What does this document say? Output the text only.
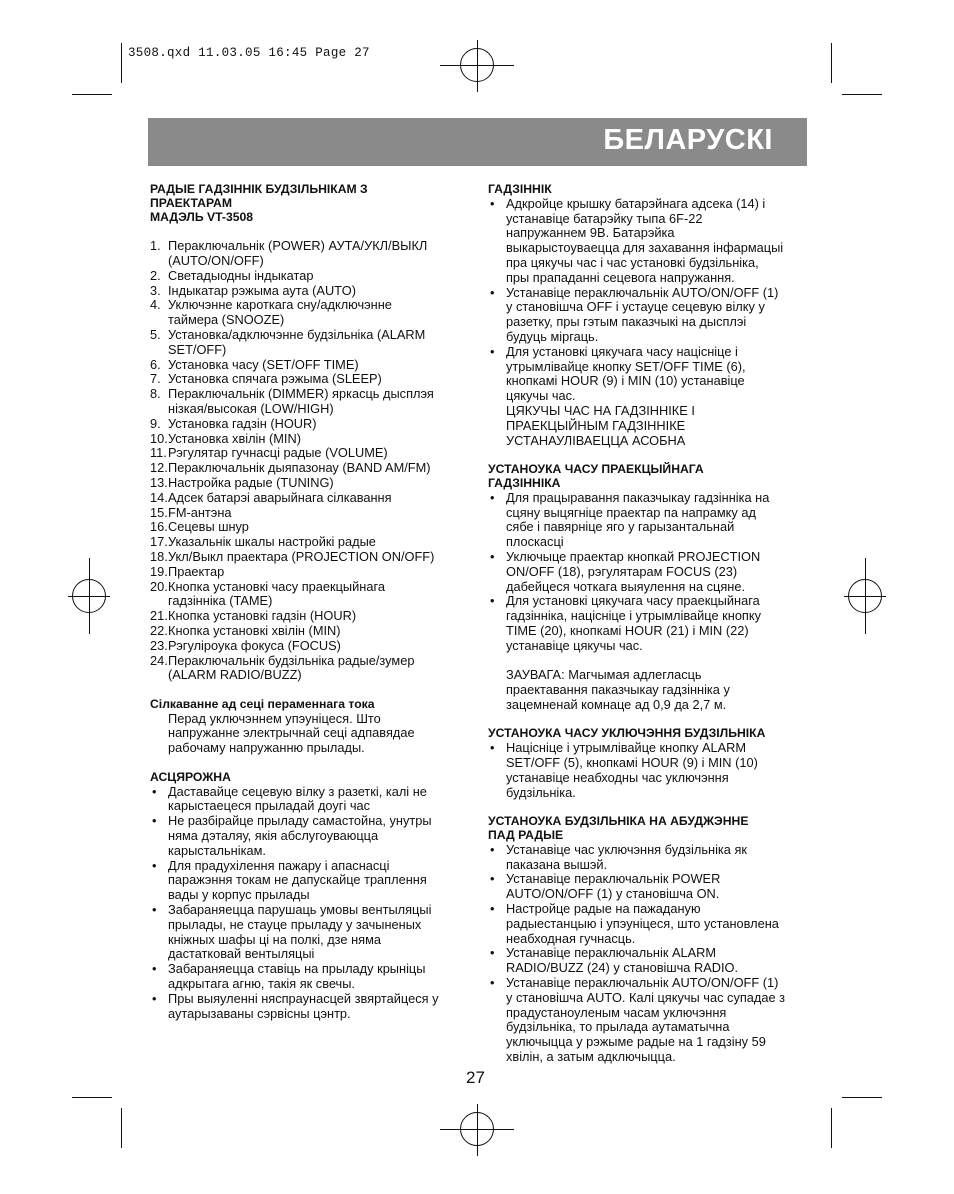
3508.qxd 11.03.05 16:45 Page 27
БЕЛАРУСКІ
РАДЫЕ ГАДЗІННІК БУДЗІЛЬНІКАМ З
ПРАЕКТАРАМ
МАДЭЛЬ VT-3508
1. Пераключальнік (POWER) АУТА/УКЛ/ВЫКЛ
(AUTO/ON/OFF)
2. Светадыодны індыкатар
3. Індыкатар рэжыма аута (AUTO)
4. Уключэнне кароткага сну/адключэнне
таймера (SNOOZE)
5. Установка/адключэнне будзільніка (ALARM
SET/OFF)
6. Установка часу (SET/OFF TIME)
7. Установка спячага рэжыма (SLEEP)
8. Пераключальнік (DIMMER) яркасць дысплэя
нізкая/высокая (LOW/HIGH)
9. Установка гадзін (HOUR)
10. Установка хвілін (MIN)
11. Рэгулятар гучнасці радые (VOLUME)
12. Пераключальнік дыяпазонау (BAND AM/FM)
13. Настройка радые (TUNING)
14. Адсек батарэі аварыйнага сілкавання
15. FM-антэна
16. Сецевы шнур
17. Указальнік шкалы настройкі радые
18. Укл/Выкл праектара (PROJECTION ON/OFF)
19. Праектар
20. Кнопка установкі часу праекцыйнага
гадзінніка (TAME)
21. Кнопка установкі гадзін (HOUR)
22. Кнопка установкі хвілін (MIN)
23. Рэгуліроука фокуса (FOCUS)
24. Пераключальнік будзільніка радые/зумер
(ALARM RADIO/BUZZ)
Сілкаванне ад сеці пераменнага тока
Перад уключэннем упэуніцеся. Што
напружанне электрычнай сеці адпавядае
рабочаму напружанню прылады.
АСЦЯРОЖНА
• Даставайце сецевую вілку з разеткі, калі не
карыстаецеся прыладай доугі час
• Не разбірайце прыладу самастойна, унутры
няма дэталяу, якія абслугоуваюцца
карыстальнікам.
• Для прадухілення пажару і апаснасці
паражэння токам не дапускайце траплення
вады у корпус прылады
• Забараняецца парушаць умовы вентыляцыі
прылады, не стауце прыладу у зачыненых
кніжных шафы ці на полкі, дзе няма
дастатковай вентыляцыі
• Забараняецца ставіць на прыладу крыніцы
адкрытага агню, такія як свечы.
• Пры выяуленні няспраунасцей звяртайцеся у
аутарызаваны сэрвісны цэнтр.
ГАДЗІННІК
• Адкройце крышку батарэйнага адсека (14) і
устанавіце батарэйку тыпа 6F-22
напружаннем 9В. Батарэйка
выкарыстоуваецца для захавання інфармацыі
пра цякучы час і час установкі будзільніка,
пры прападанні сецевога напружання.
• Устанавіце пераключальнік AUTO/ON/OFF (1)
у становішча OFF і устауце сецевую вілку у
разетку, пры гэтым паказчыкі на дысплэі
будуць міргаць.
• Для установкі цякучага часу націсніце і
утрымлівайце кнопку SET/OFF TIME (6),
кнопкамі HOUR (9) і MIN (10) устанавіце
цякучы час.
ЦЯКУЧЫ ЧАС НА ГАДЗІННІКЕ І
ПРАЕКЦЫЙНЫМ ГАДЗІННІКЕ
УСТАНАУЛІВАЕЦЦА АСОБНА
УСТАНОУКА ЧАСУ ПРАЕКЦЫЙНАГА
ГАДЗІННІКА
• Для працыравання паказчыкау гадзінніка на
сцяну выцягніце праектар па напрамку ад
сябе і павярніце яго у гарызантальнай
плоскасці
• Уключыце праектар кнопкай PROJECTION
ON/OFF (18), рэгулятарам FOCUS (23)
дабейцеся чоткага выяулення на сцяне.
• Для установкі цякучага часу праекцыйнага
гадзінніка, націсніце і утрымлівайце кнопку
TIME (20), кнопкамі HOUR (21) і MIN (22)
устанавіце цякучы час.
ЗАУВАГА: Магчымая адлегласць
праектавання паказчыкау гадзінніка у
зацемненай комнаце ад 0,9 да 2,7 м.
УСТАНОУКА ЧАСУ УКЛЮЧЭННЯ БУДЗІЛЬНІКА
• Націсніце і утрымлівайце кнопку ALARM
SET/OFF (5), кнопкамі HOUR (9) і MIN (10)
устанавіце неабходны час уключэння
будзільніка.
УСТАНОУКА БУДЗІЛЬНІКА НА АБУДЖЭННЕ
ПАД РАДЫЕ
• Устанавіце час уключэння будзільніка як
паказана вышэй.
• Устанавіце пераключальнік POWER
AUTO/ON/OFF (1) у становішча ON.
• Настройце радые на пажаданую
радыестанцыю і упэуніцеся, што установлена
неабходная гучнасць.
• Устанавіце пераключальнік ALARM
RADIO/BUZZ (24) у становішча RADIO.
• Устанавіце пераключальнік AUTO/ON/OFF (1)
у становішча AUTO. Калі цякучы час супадае з
прадустаноуленым часам уключэння
будзільніка, то прылада аутаматычна
уключыцца у рэжыме радые на 1 гадзіну 59
хвілін, а затым адключыцца.
27
